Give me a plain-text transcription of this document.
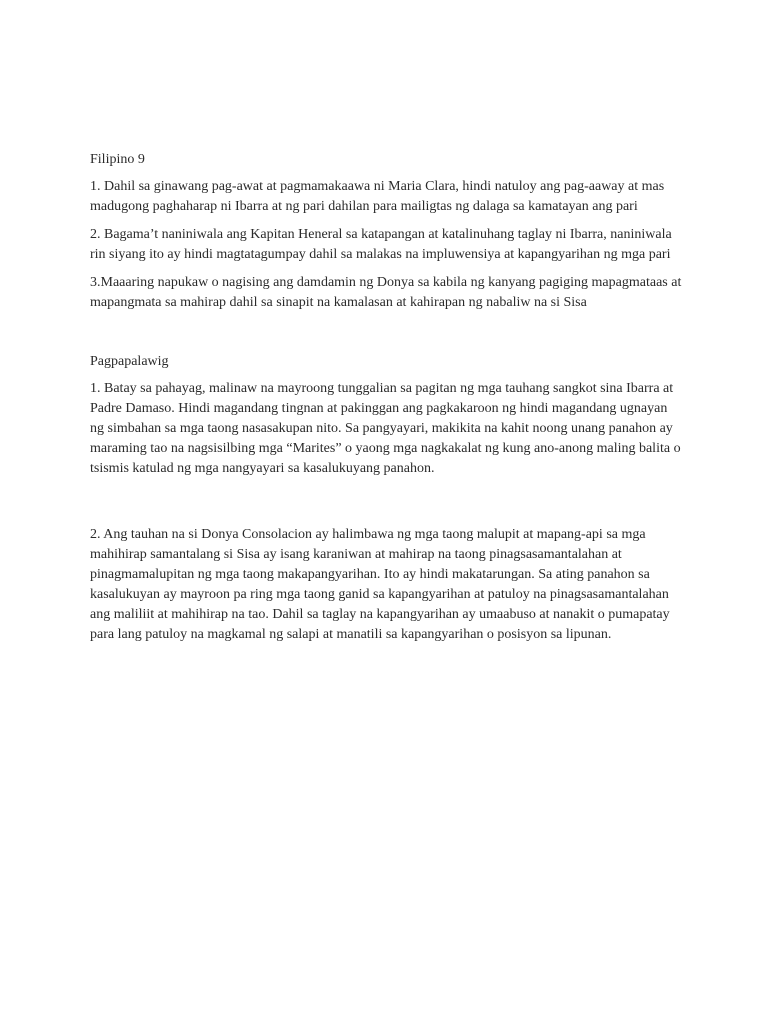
Filipino 9

1. Dahil sa ginawang pag-awat at pagmamakaawa ni Maria Clara, hindi natuloy ang pag-aaway at mas madugong paghaharap ni Ibarra at ng pari dahilan para mailigtas ng dalaga sa kamatayan ang pari

2. Bagama’t naniniwala ang Kapitan Heneral sa katapangan at katalinuhang taglay ni Ibarra, naniniwala rin siyang ito ay hindi magtatagumpay dahil sa malakas na impluwensiya at kapangyarihan ng mga pari

3.Maaaring napukaw o nagising ang damdamin ng Donya sa kabila ng kanyang pagiging mapagmataas at mapangmata sa mahirap dahil sa sinapit na kamalasan at kahirapan ng nabaliw na si Sisa

Pagpapalawig

1. Batay sa pahayag, malinaw na mayroong tunggalian sa pagitan ng mga tauhang sangkot sina Ibarra at Padre Damaso. Hindi magandang tingnan at pakinggan ang pagkakaroon ng hindi magandang ugnayan ng simbahan sa mga taong nasasakupan nito. Sa pangyayari, makikita na kahit noong unang panahon ay maraming tao na nagsisilbing mga “Marites” o yaong mga nagkakalat ng kung ano-anong maling balita o tsismis katulad ng mga nangyayari sa kasalukuyang panahon.

2. Ang tauhan na si Donya Consolacion ay halimbawa ng mga taong malupit at mapang-api sa mga mahihirap samantalang si Sisa ay isang karaniwan at mahirap na taong pinagsasamantalahan at pinagmamalupitan ng mga taong makapangyarihan. Ito ay hindi makatarungan. Sa ating panahon sa kasalukuyan ay mayroon pa ring mga taong ganid sa kapangyarihan at patuloy na pinagsasamantalahan ang maliliit at mahihirap na tao. Dahil sa taglay na kapangyarihan ay umaabuso at nanakit o pumapatay para lang patuloy na magkamal ng salapi at manatili sa kapangyarihan o posisyon sa lipunan.
